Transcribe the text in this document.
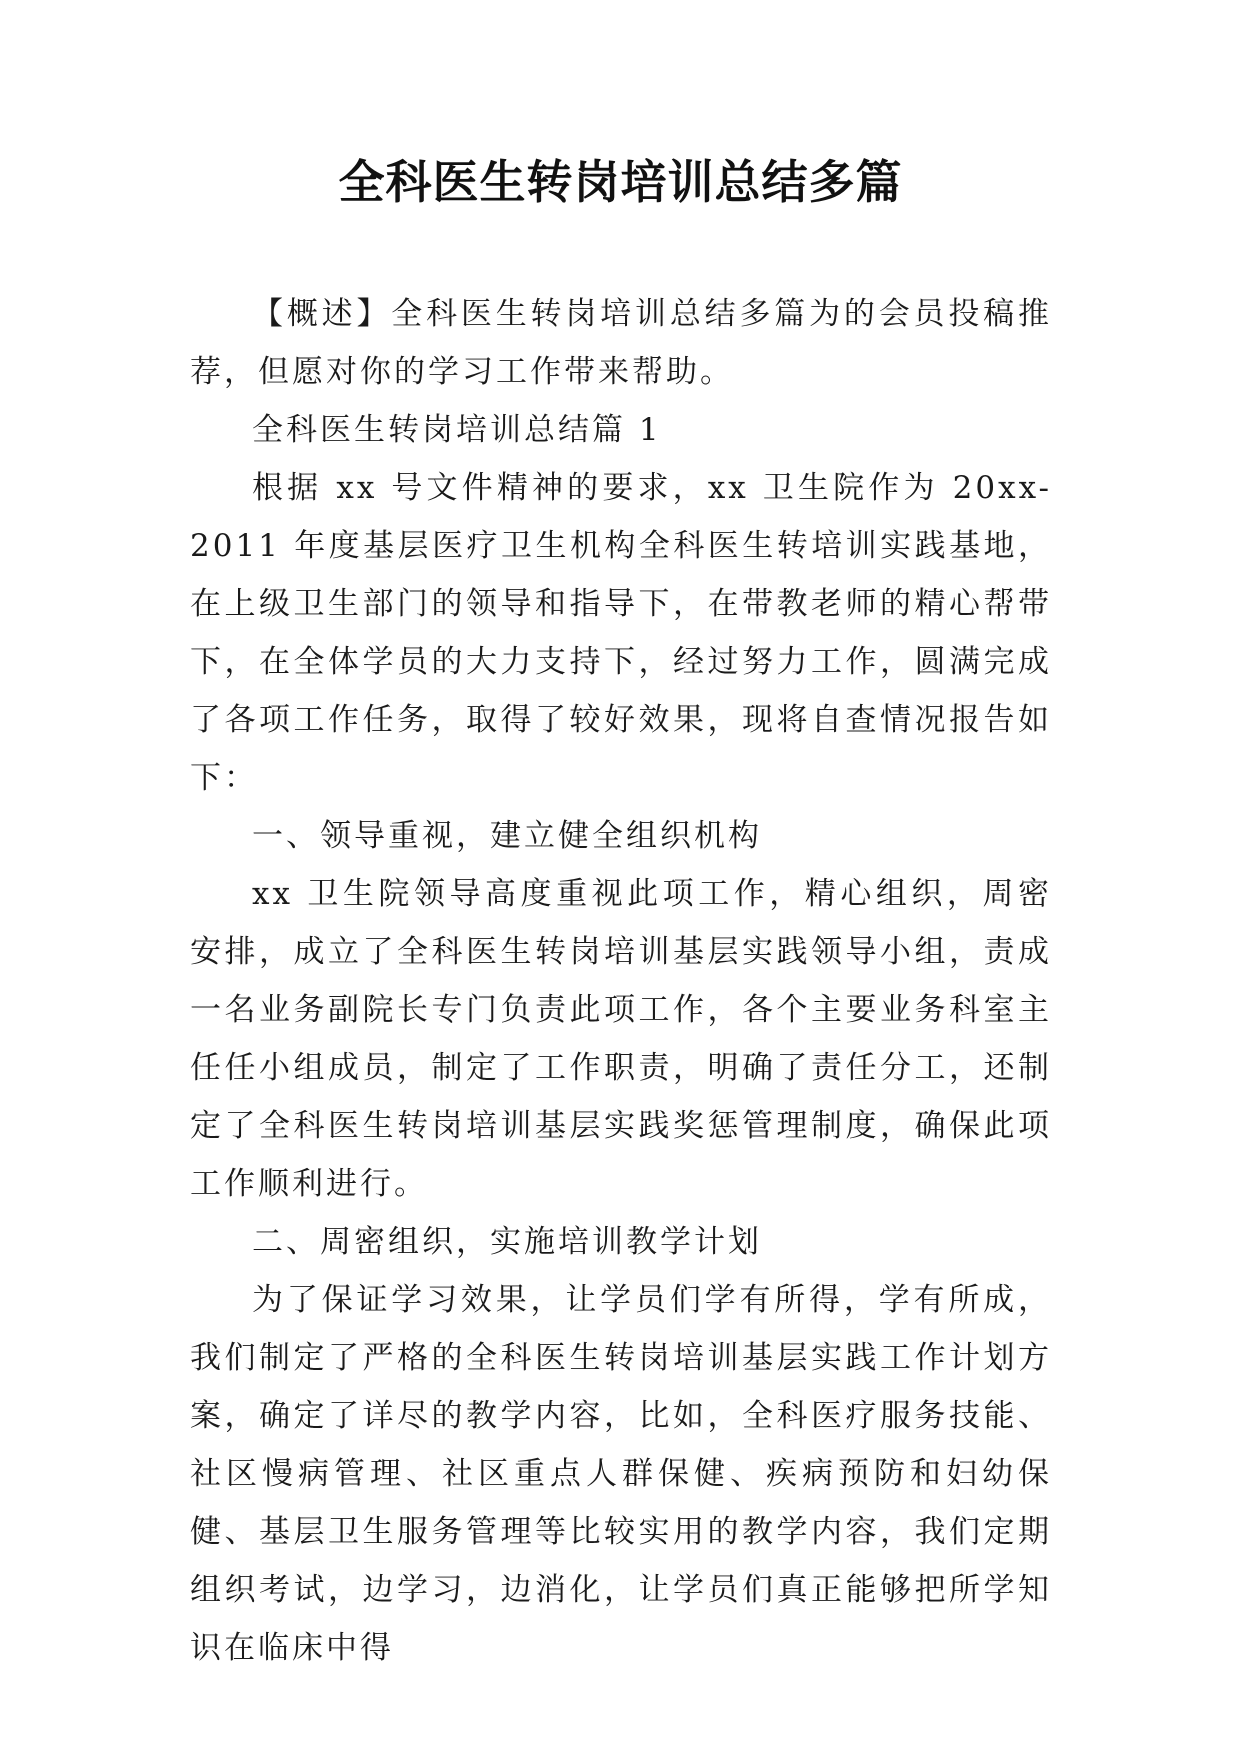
全科医生转岗培训总结多篇

【概述】全科医生转岗培训总结多篇为的会员投稿推荐，但愿对你的学习工作带来帮助。

全科医生转岗培训总结篇 1

根据 xx 号文件精神的要求，xx 卫生院作为 20xx-2011 年度基层医疗卫生机构全科医生转培训实践基地，在上级卫生部门的领导和指导下，在带教老师的精心帮带下，在全体学员的大力支持下，经过努力工作，圆满完成了各项工作任务，取得了较好效果，现将自查情况报告如下：

一、领导重视，建立健全组织机构

xx 卫生院领导高度重视此项工作，精心组织，周密安排，成立了全科医生转岗培训基层实践领导小组，责成一名业务副院长专门负责此项工作，各个主要业务科室主任任小组成员，制定了工作职责，明确了责任分工，还制定了全科医生转岗培训基层实践奖惩管理制度，确保此项工作顺利进行。

二、周密组织，实施培训教学计划

为了保证学习效果，让学员们学有所得，学有所成，我们制定了严格的全科医生转岗培训基层实践工作计划方案，确定了详尽的教学内容，比如，全科医疗服务技能、社区慢病管理、社区重点人群保健、疾病预防和妇幼保健、基层卫生服务管理等比较实用的教学内容，我们定期组织考试，边学习，边消化，让学员们真正能够把所学知识在临床中得
